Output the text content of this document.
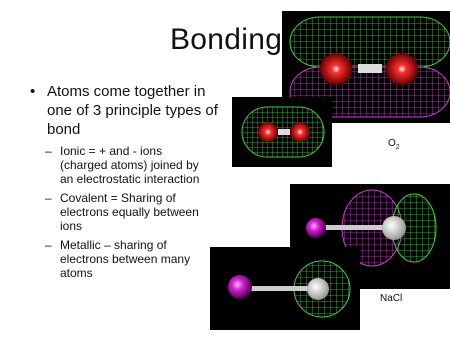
Bonding
• Atoms come together in
one of 3 principle types of
bond
– Ionic = + and - ions
(charged atoms) joined by
an electrostatic interaction
– Covalent = Sharing of
electrons equally between
ions
– Metallic – sharing of
electrons between many
atoms
$O_2$
NaCl
